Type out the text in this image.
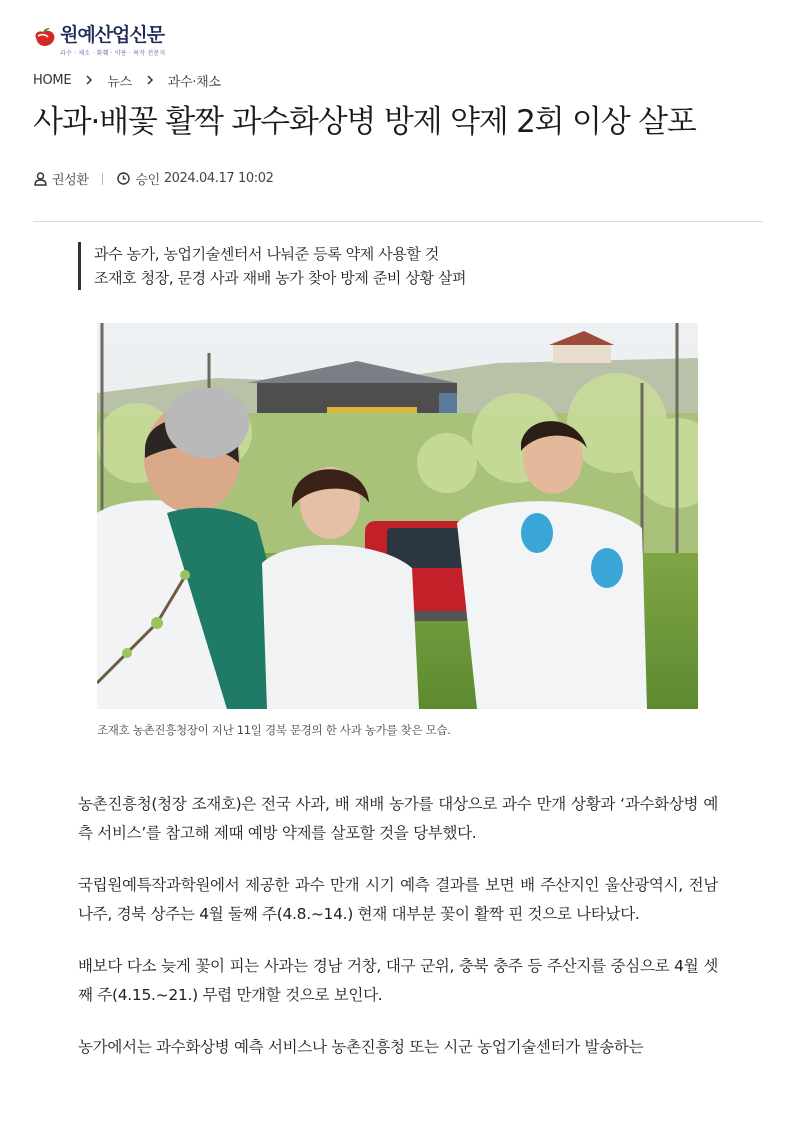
원예산업신문
과수 · 채소 · 화훼 · 약용 · 특작 전문지
HOME	뉴스	과수·채소
사과·배꽃 활짝 과수화상병 방제 약제 2회 이상 살포
권성환	승인 2024.04.17 10:02
과수 농가, 농업기술센터서 나눠준 등록 약제 사용할 것
조재호 청장, 문경 사과 재배 농가 찾아 방제 준비 상황 살펴
조재호 농촌진흥청장이 지난 11일 경북 문경의 한 사과 농가를 찾은 모습.

농촌진흥청(청장 조재호)은 전국 사과, 배 재배 농가를 대상으로 과수 만개 상황과 ‘과수화상병 예측 서비스’를 참고해 제때 예방 약제를 살포할 것을 당부했다.

국립원예특작과학원에서 제공한 과수 만개 시기 예측 결과를 보면 배 주산지인 울산광역시, 전남 나주, 경북 상주는 4월 둘째 주(4.8.~14.) 현재 대부분 꽃이 활짝 핀 것으로 나타났다.

배보다 다소 늦게 꽃이 피는 사과는 경남 거창, 대구 군위, 충북 충주 등 주산지를 중심으로 4월 셋째 주(4.15.~21.) 무렵 만개할 것으로 보인다.

농가에서는 과수화상병 예측 서비스나 농촌진흥청 또는 시군 농업기술센터가 발송하는
